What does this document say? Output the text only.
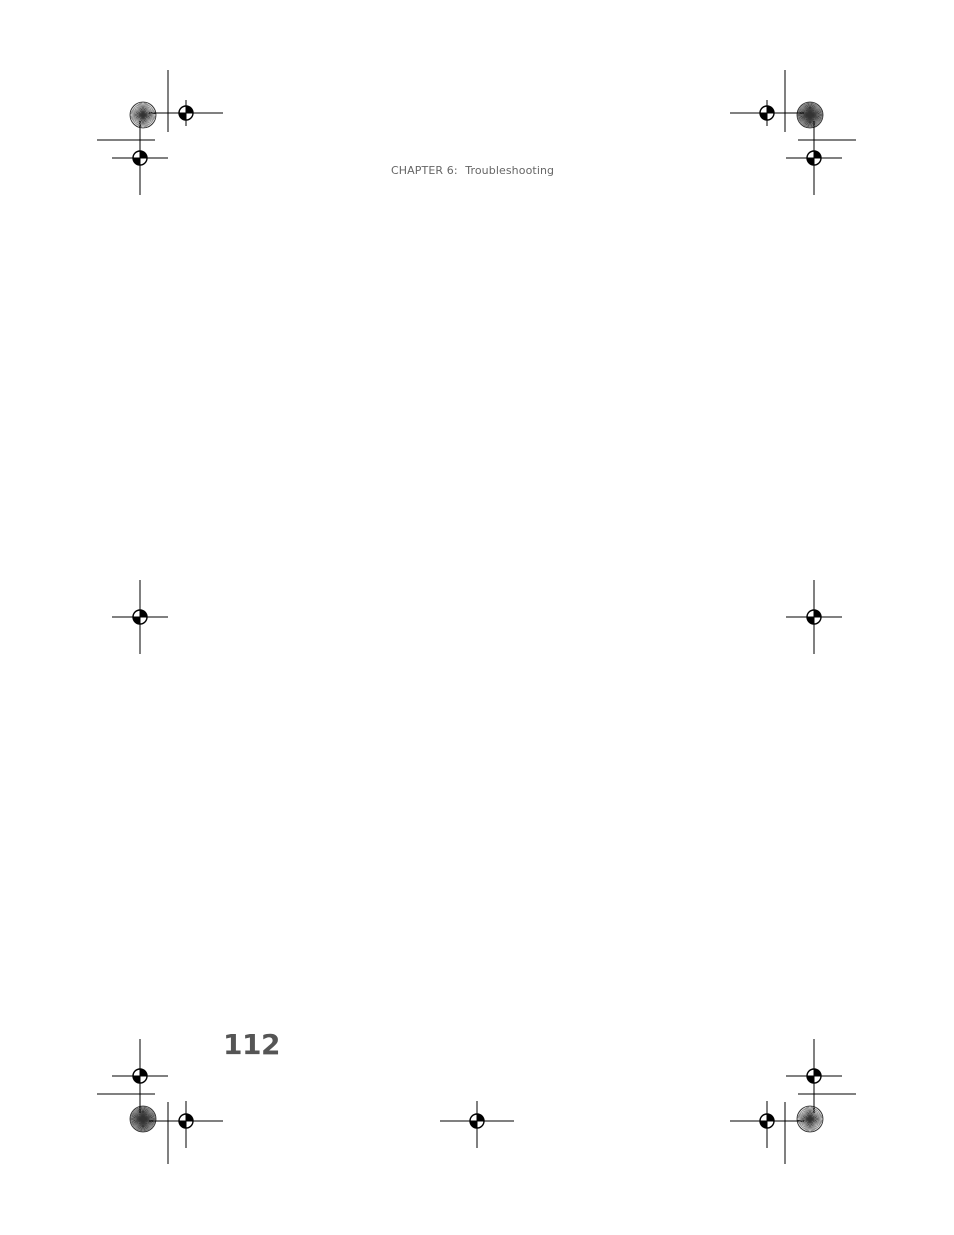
CHAPTER 6: Troubleshooting
112
